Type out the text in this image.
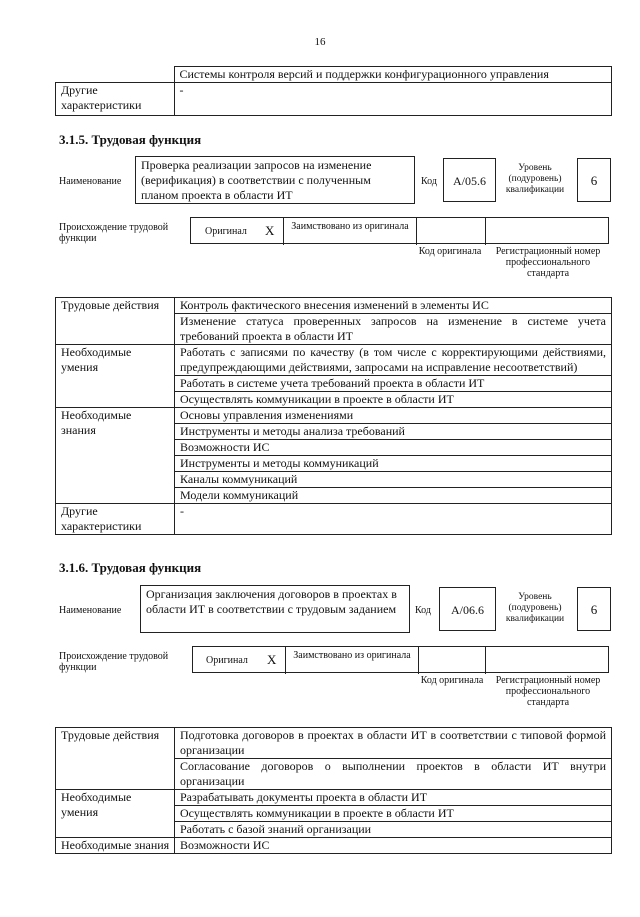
16
	Системы контроля версий и поддержки конфигурационного управления
Другие характеристики	-
3.1.5. Трудовая функция
Наименование
Проверка реализации запросов на изменение (верификация) в соответствии с полученным планом проекта в области ИТ
Код	A/05.6
Уровень (подуровень) квалификации
6
Происхождение трудовой функции
Оригинал X	Заимствовано из оригинала
Код оригинала	Регистрационный номер профессионального стандарта
Трудовые действия	Контроль фактического внесения изменений в элементы ИС
	Изменение статуса проверенных запросов на изменение в системе учета требований проекта в области ИТ
Необходимые умения	Работать с записями по качеству (в том числе с корректирующими действиями, предупреждающими действиями, запросами на исправление несоответствий)
	Работать в системе учета требований проекта в области ИТ
	Осуществлять коммуникации в проекте в области ИТ
Необходимые знания	Основы управления изменениями
	Инструменты и методы анализа требований
	Возможности ИС
	Инструменты и методы коммуникаций
	Каналы коммуникаций
	Модели коммуникаций
Другие характеристики	-
3.1.6. Трудовая функция
Наименование
Организация заключения договоров в проектах в области ИТ в соответствии с трудовым заданием	Код	A/06.6
Уровень (подуровень) квалификации
6
Происхождение трудовой функции
Оригинал X	Заимствовано из оригинала
Код оригинала	Регистрационный номер профессионального стандарта
Трудовые действия	Подготовка договоров в проектах в области ИТ в соответствии с типовой формой организации
	Согласование договоров о выполнении проектов в области ИТ внутри организации
Необходимые умения	Разрабатывать документы проекта в области ИТ
	Осуществлять коммуникации в проекте в области ИТ
	Работать с базой знаний организации
Необходимые знания	Возможности ИС
